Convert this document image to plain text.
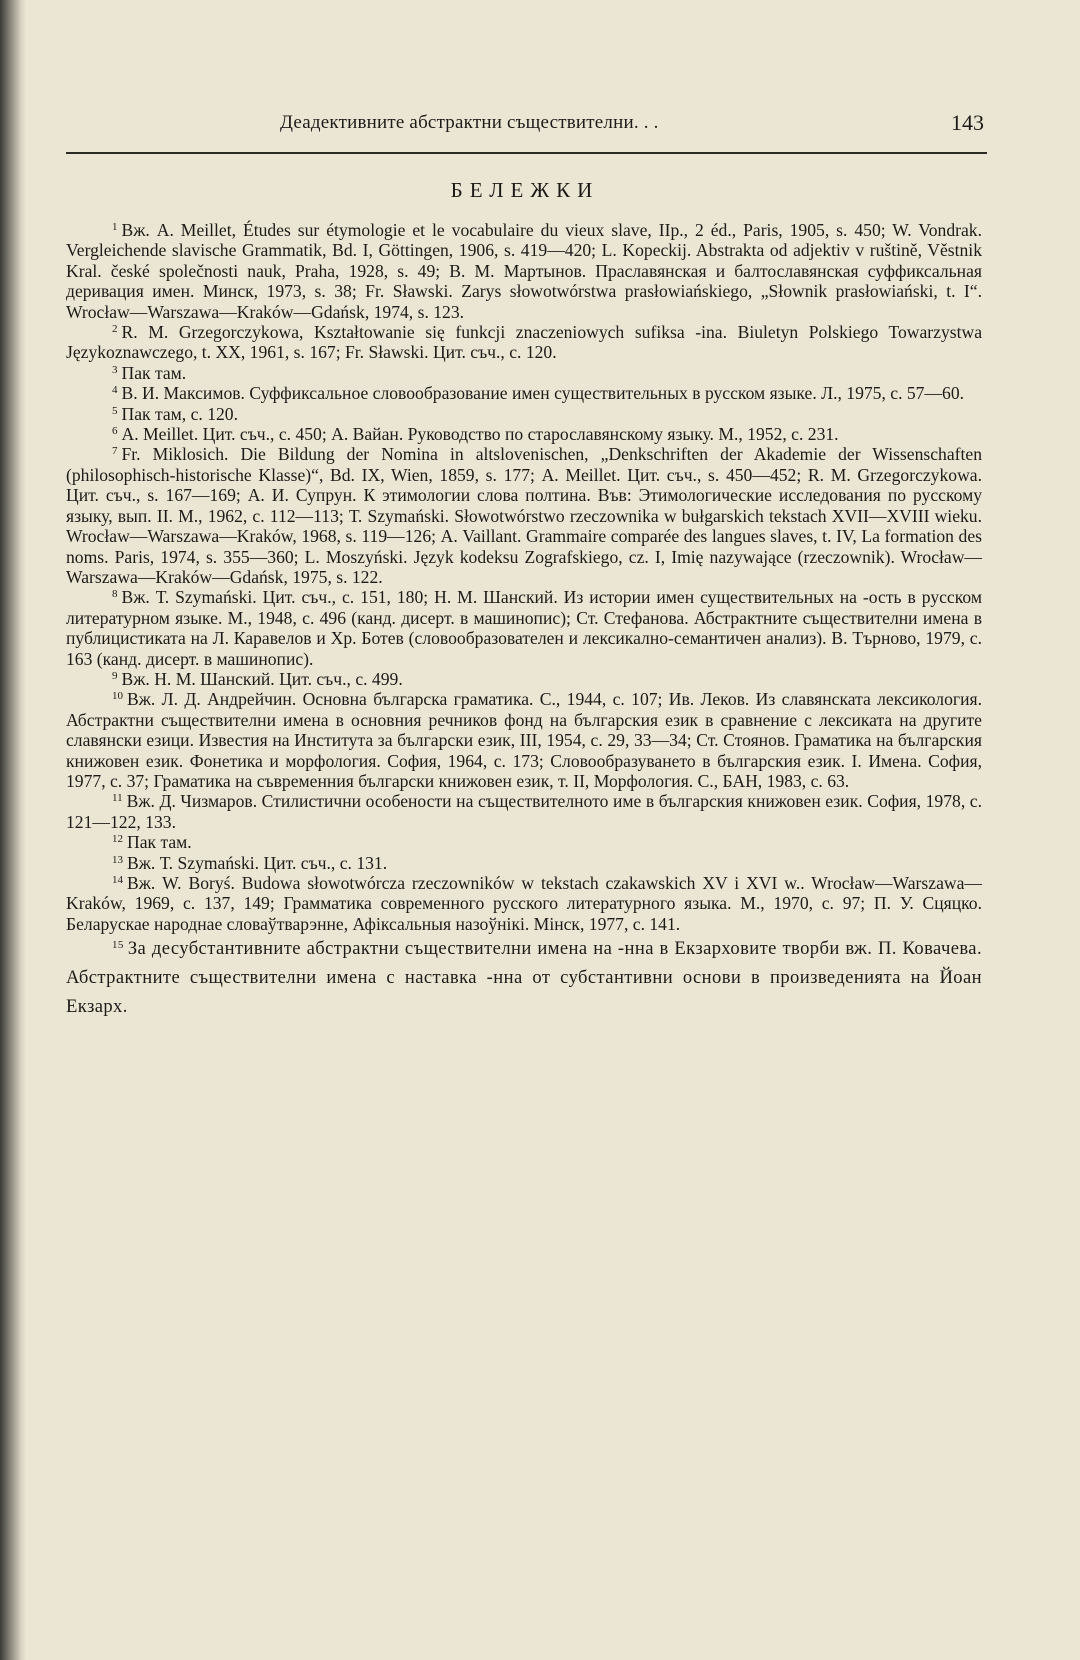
Деадективните абстрактни съществителни. . .	143
БЕЛЕЖКИ

$^1$ Вж. А. Meillet, Études sur étymologie et le vocabulaire du vieux slave, IIр., 2 éd., Paris, 1905, s. 450; W. Vondrak. Vergleichende slavische Grammatik, Bd. I, Göttingen, 1906, s. 419—420; L. Kopeckij. Abstrakta od adjektiv v ruštině, Věstnik Kral. české společnosti nauk, Praha, 1928, s. 49; В. М. Мартынов. Праславянская и балтославянская суффиксальная деривация имен. Минск, 1973, s. 38; Fr. Sławski. Zarys słowotwórstwa prasłowiańskiego, „Słownik prasłowiański, t. I“. Wrocław—Warszawa—Kraków—Gdańsk, 1974, s. 123.

$^2$ R. M. Grzegorczykowa, Kształtowanie się funkcji znaczeniowych sufiksa -ina. Biuletyn Polskiego Towarzystwa Językoznawczego, t. XX, 1961, s. 167; Fr. Sławski. Цит. съч., с. 120.

$^3$ Пак там.

$^4$ В. И. Максимов. Суффиксальное словообразование имен существительных в русском языке. Л., 1975, с. 57—60.

$^5$ Пак там, с. 120.

$^6$ А. Meillet. Цит. съч., с. 450; А. Вайан. Руководство по старославянскому языку. М., 1952, с. 231.

$^7$ Fr. Miklosich. Die Bildung der Nomina in altslovenischen, „Denkschriften der Akademie der Wissenschaften (philosophisch-historische Klasse)“, Bd. IX, Wien, 1859, s. 177; А. Meillet. Цит. съч., s. 450—452; R. M. Grzegorczykowa. Цит. съч., s. 167—169; А. И. Супрун. К этимологии слова полтина. Във: Этимологические исследования по русскому языку, вып. II. М., 1962, с. 112—113; Т. Szymański. Słowotwórstwo rzeczownika w bułgarskich tekstach XVII—XVIII wieku. Wrocław—Warszawa—Kraków, 1968, s. 119—126; А. Vaillant. Grammaire comparée des langues slaves, t. IV, La formation des noms. Paris, 1974, s. 355—360; L. Moszyński. Język kodeksu Zografskiego, cz. I, Imię nazywające (rzeczownik). Wrocław—Warszawa—Kraków—Gdańsk, 1975, s. 122.

$^8$ Вж. Т. Szymański. Цит. съч., с. 151, 180; Н. М. Шанский. Из истории имен существительных на -ость в русском литературном языке. М., 1948, с. 496 (канд. дисерт. в машинопис); Ст. Стефанова. Абстрактните съществителни имена в публицистиката на Л. Каравелов и Хр. Ботев (словообразователен и лексикално-семантичен анализ). В. Търново, 1979, с. 163 (канд. дисерт. в машинопис).

$^9$ Вж. Н. М. Шанский. Цит. съч., с. 499.

$^{10}$ Вж. Л. Д. Андрейчин. Основна българска граматика. С., 1944, с. 107; Ив. Леков. Из славянската лексикология. Абстрактни съществителни имена в основния речников фонд на българския език в сравнение с лексиката на другите славянски езици. Известия на Института за български език, III, 1954, с. 29, 33—34; Ст. Стоянов. Граматика на българския книжовен език. Фонетика и морфология. София, 1964, с. 173; Словообразуването в българския език. I. Имена. София, 1977, с. 37; Граматика на съвременния български книжовен език, т. II, Морфология. С., БАН, 1983, с. 63.

$^{11}$ Вж. Д. Чизмаров. Стилистични особености на съществителното име в българския книжовен език. София, 1978, с. 121—122, 133.

$^{12}$ Пак там.

$^{13}$ Вж. Т. Szymański. Цит. съч., с. 131.

$^{14}$ Вж. W. Boryś. Budowa słowotwórcza rzeczowników w tekstach czakawskich XV i XVI w.. Wrocław—Warszawa—Kraków, 1969, с. 137, 149; Грамматика современного русского литературного языка. М., 1970, с. 97; П. У. Сцяцко. Беларускае народнае словаўтварэнне, Афіксальныя назоўнікі. Мінск, 1977, с. 141.

$^{15}$ За десубстантивните абстрактни съществителни имена на -нна в Екзарховите творби вж. П. Ковачева. Абстрактните съществителни имена с наставка -нна от субстантивни основи в произведенията на Йоан Екзарх.
